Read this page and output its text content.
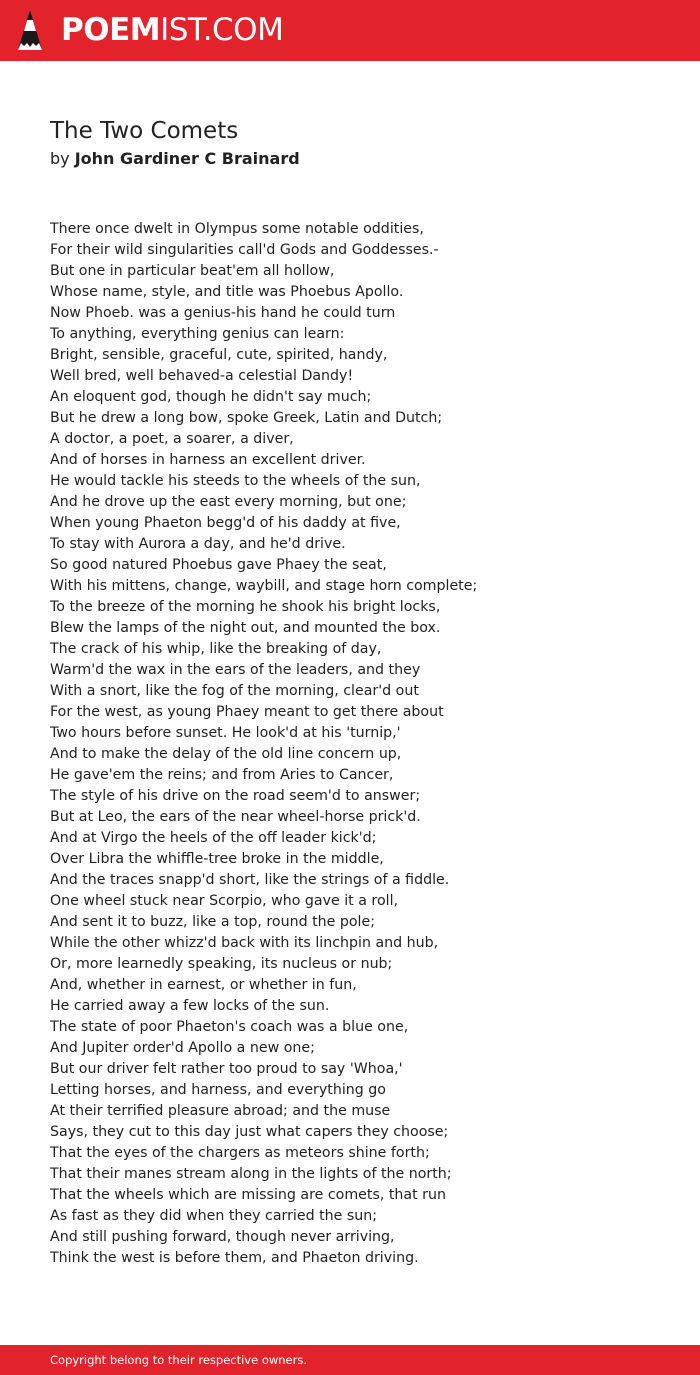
POEMIST.COM
The Two Comets
by John Gardiner C Brainard
There once dwelt in Olympus some notable oddities,
For their wild singularities call'd Gods and Goddesses.-
But one in particular beat'em all hollow,
Whose name, style, and title was Phoebus Apollo.
Now Phoeb. was a genius-his hand he could turn
To anything, everything genius can learn:
Bright, sensible, graceful, cute, spirited, handy,
Well bred, well behaved-a celestial Dandy!
An eloquent god, though he didn't say much;
But he drew a long bow, spoke Greek, Latin and Dutch;
A doctor, a poet, a soarer, a diver,
And of horses in harness an excellent driver.
He would tackle his steeds to the wheels of the sun,
And he drove up the east every morning, but one;
When young Phaeton begg'd of his daddy at five,
To stay with Aurora a day, and he'd drive.
So good natured Phoebus gave Phaey the seat,
With his mittens, change, waybill, and stage horn complete;
To the breeze of the morning he shook his bright locks,
Blew the lamps of the night out, and mounted the box.
The crack of his whip, like the breaking of day,
Warm'd the wax in the ears of the leaders, and they
With a snort, like the fog of the morning, clear'd out
For the west, as young Phaey meant to get there about
Two hours before sunset. He look'd at his 'turnip,'
And to make the delay of the old line concern up,
He gave'em the reins; and from Aries to Cancer,
The style of his drive on the road seem'd to answer;
But at Leo, the ears of the near wheel-horse prick'd.
And at Virgo the heels of the off leader kick'd;
Over Libra the whiffle-tree broke in the middle,
And the traces snapp'd short, like the strings of a fiddle.
One wheel stuck near Scorpio, who gave it a roll,
And sent it to buzz, like a top, round the pole;
While the other whizz'd back with its linchpin and hub,
Or, more learnedly speaking, its nucleus or nub;
And, whether in earnest, or whether in fun,
He carried away a few locks of the sun.
The state of poor Phaeton's coach was a blue one,
And Jupiter order'd Apollo a new one;
But our driver felt rather too proud to say 'Whoa,'
Letting horses, and harness, and everything go
At their terrified pleasure abroad; and the muse
Says, they cut to this day just what capers they choose;
That the eyes of the chargers as meteors shine forth;
That their manes stream along in the lights of the north;
That the wheels which are missing are comets, that run
As fast as they did when they carried the sun;
And still pushing forward, though never arriving,
Think the west is before them, and Phaeton driving.
Copyright belong to their respective owners.
